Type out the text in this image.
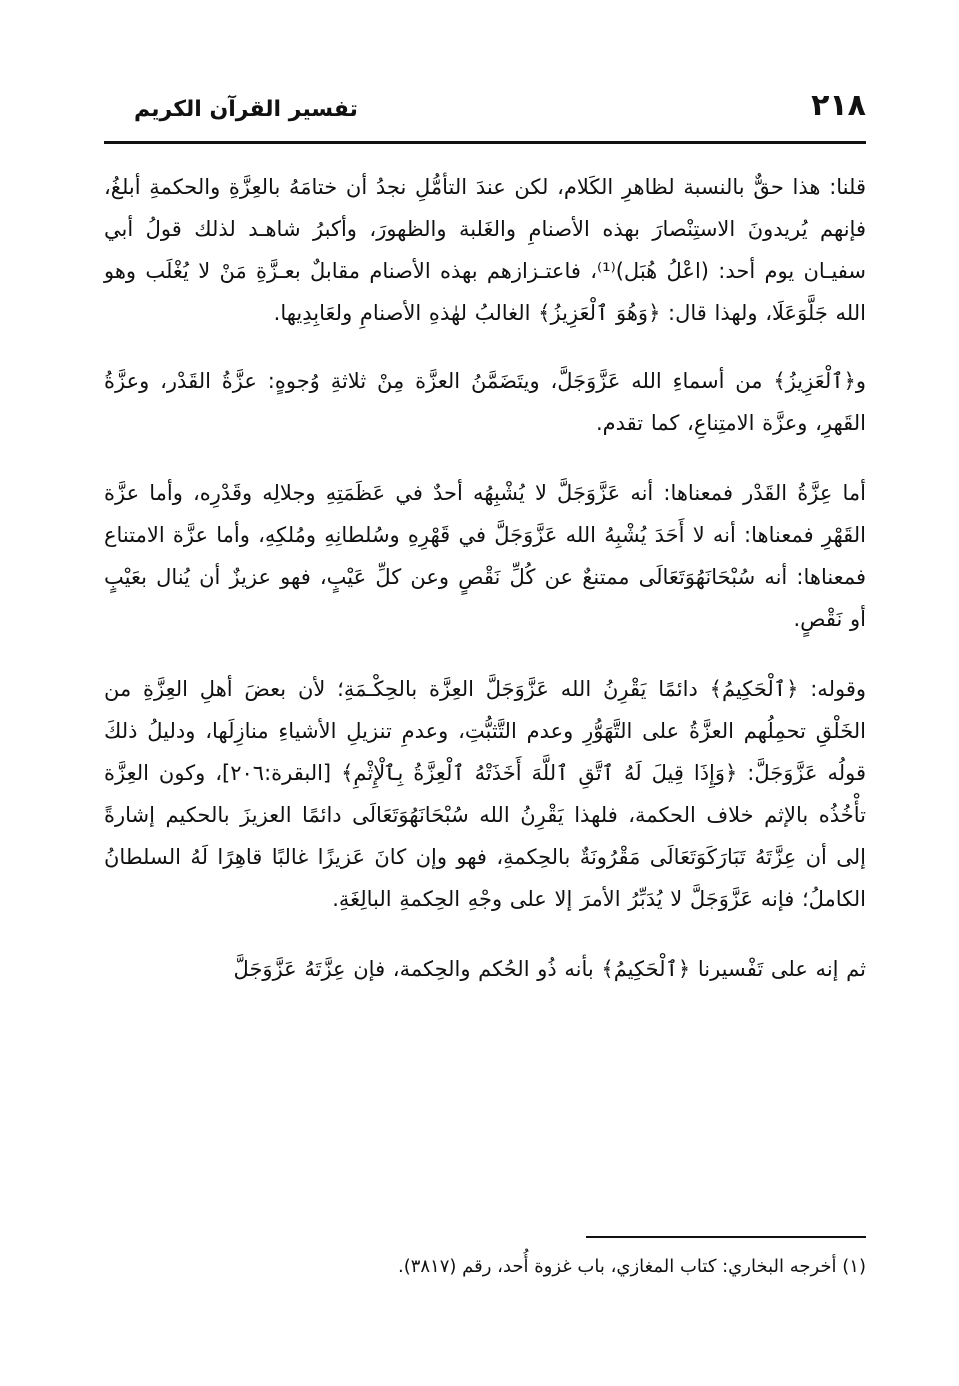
٢١٨
تفسير القرآن الكريم

قلنا: هذا حقٌّ بالنسبة لظاهرِ الكَلام، لكن عندَ التأمُّلِ نجدُ أن ختامَهُ بالعِزَّةِ والحكمةِ أبلغُ، فإنهم يُريدونَ الاستِنْصارَ بهذه الأصنامِ والغَلبة والظهورَ، وأكبرُ شاهـد لذلك قولُ أبي سفيـان يوم أحد: (اعْلُ هُبَل)⁽¹⁾، فاعتـزازهم بهذه الأصنام مقابلٌ بعـزَّةِ مَنْ لا يُغْلَب وهو الله جَلَّوَعَلَا، ولهذا قال: ﴿وَهُوَ ٱلْعَزِيزُ﴾ الغالبُ لهٰذهِ الأصنامِ ولعَابِدِيها.

و﴿ٱلْعَزِيزُ﴾ من أسماءِ الله عَزَّوَجَلَّ، ويتَضَمَّنُ العزَّة مِنْ ثلاثةِ وُجوهٍ: عزَّةُ القَدْر، وعزَّةُ القَهرِ، وعزَّة الامتِناعِ، كما تقدم.

أما عِزَّةُ القَدْر فمعناها: أنه عَزَّوَجَلَّ لا يُشْبِهُه أحدٌ في عَظَمَتِهِ وجلالِه وقَدْرِه، وأما عزَّة القَهْرِ فمعناها: أنه لا أَحَدَ يُشْبِهُ الله عَزَّوَجَلَّ في قَهْرِهِ وسُلطانِهِ ومُلكِهِ، وأما عزَّة الامتناع فمعناها: أنه سُبْحَانَهُوَتَعَالَى ممتنعٌ عن كُلِّ نَقْصٍ وعن كلِّ عَيْبٍ، فهو عزيزٌ أن يُنال بعَيْبٍ أو نَقْصٍ.

وقوله: ﴿ٱلْحَكِيمُ﴾ دائمًا يَقْرِنُ الله عَزَّوَجَلَّ العِزَّة بالحِكْـمَةِ؛ لأن بعضَ أهلِ العِزَّةِ من الخَلْقِ تحمِلُهم العزَّةُ على التَّهَوُّرِ وعدم التَّثبُّتِ، وعدمِ تنزيلِ الأشياءِ منازِلَها، ودليلُ ذلكَ قولُه عَزَّوَجَلَّ: ﴿وَإِذَا قِيلَ لَهُ ٱتَّقِ ٱللَّهَ أَخَذَتْهُ ٱلْعِزَّةُ بِٱلْإِثْمِ﴾ [البقرة:٢٠٦]، وكون العِزَّة تأْخُذُه بالإثم خلاف الحكمة، فلهذا يَقْرِنُ الله سُبْحَانَهُوَتَعَالَى دائمًا العزيزَ بالحكيم إشارةً إلى أن عِزَّتَهُ تَبَارَكَوَتَعَالَى مَقْرُونَةٌ بالحِكمةِ، فهو وإن كانَ عَزيزًا غالبًا قاهِرًا لَهُ السلطانُ الكاملُ؛ فإنه عَزَّوَجَلَّ لا يُدَبِّرُ الأمرَ إلا على وجْهِ الحِكمةِ البالِغَةِ.

ثم إنه على تَفْسيرنا ﴿ٱلْحَكِيمُ﴾ بأنه ذُو الحُكم والحِكمة، فإن عِزَّتَهُ عَزَّوَجَلَّ

(١) أخرجه البخاري: كتاب المغازي، باب غزوة أُحد، رقم (٣٨١٧).
